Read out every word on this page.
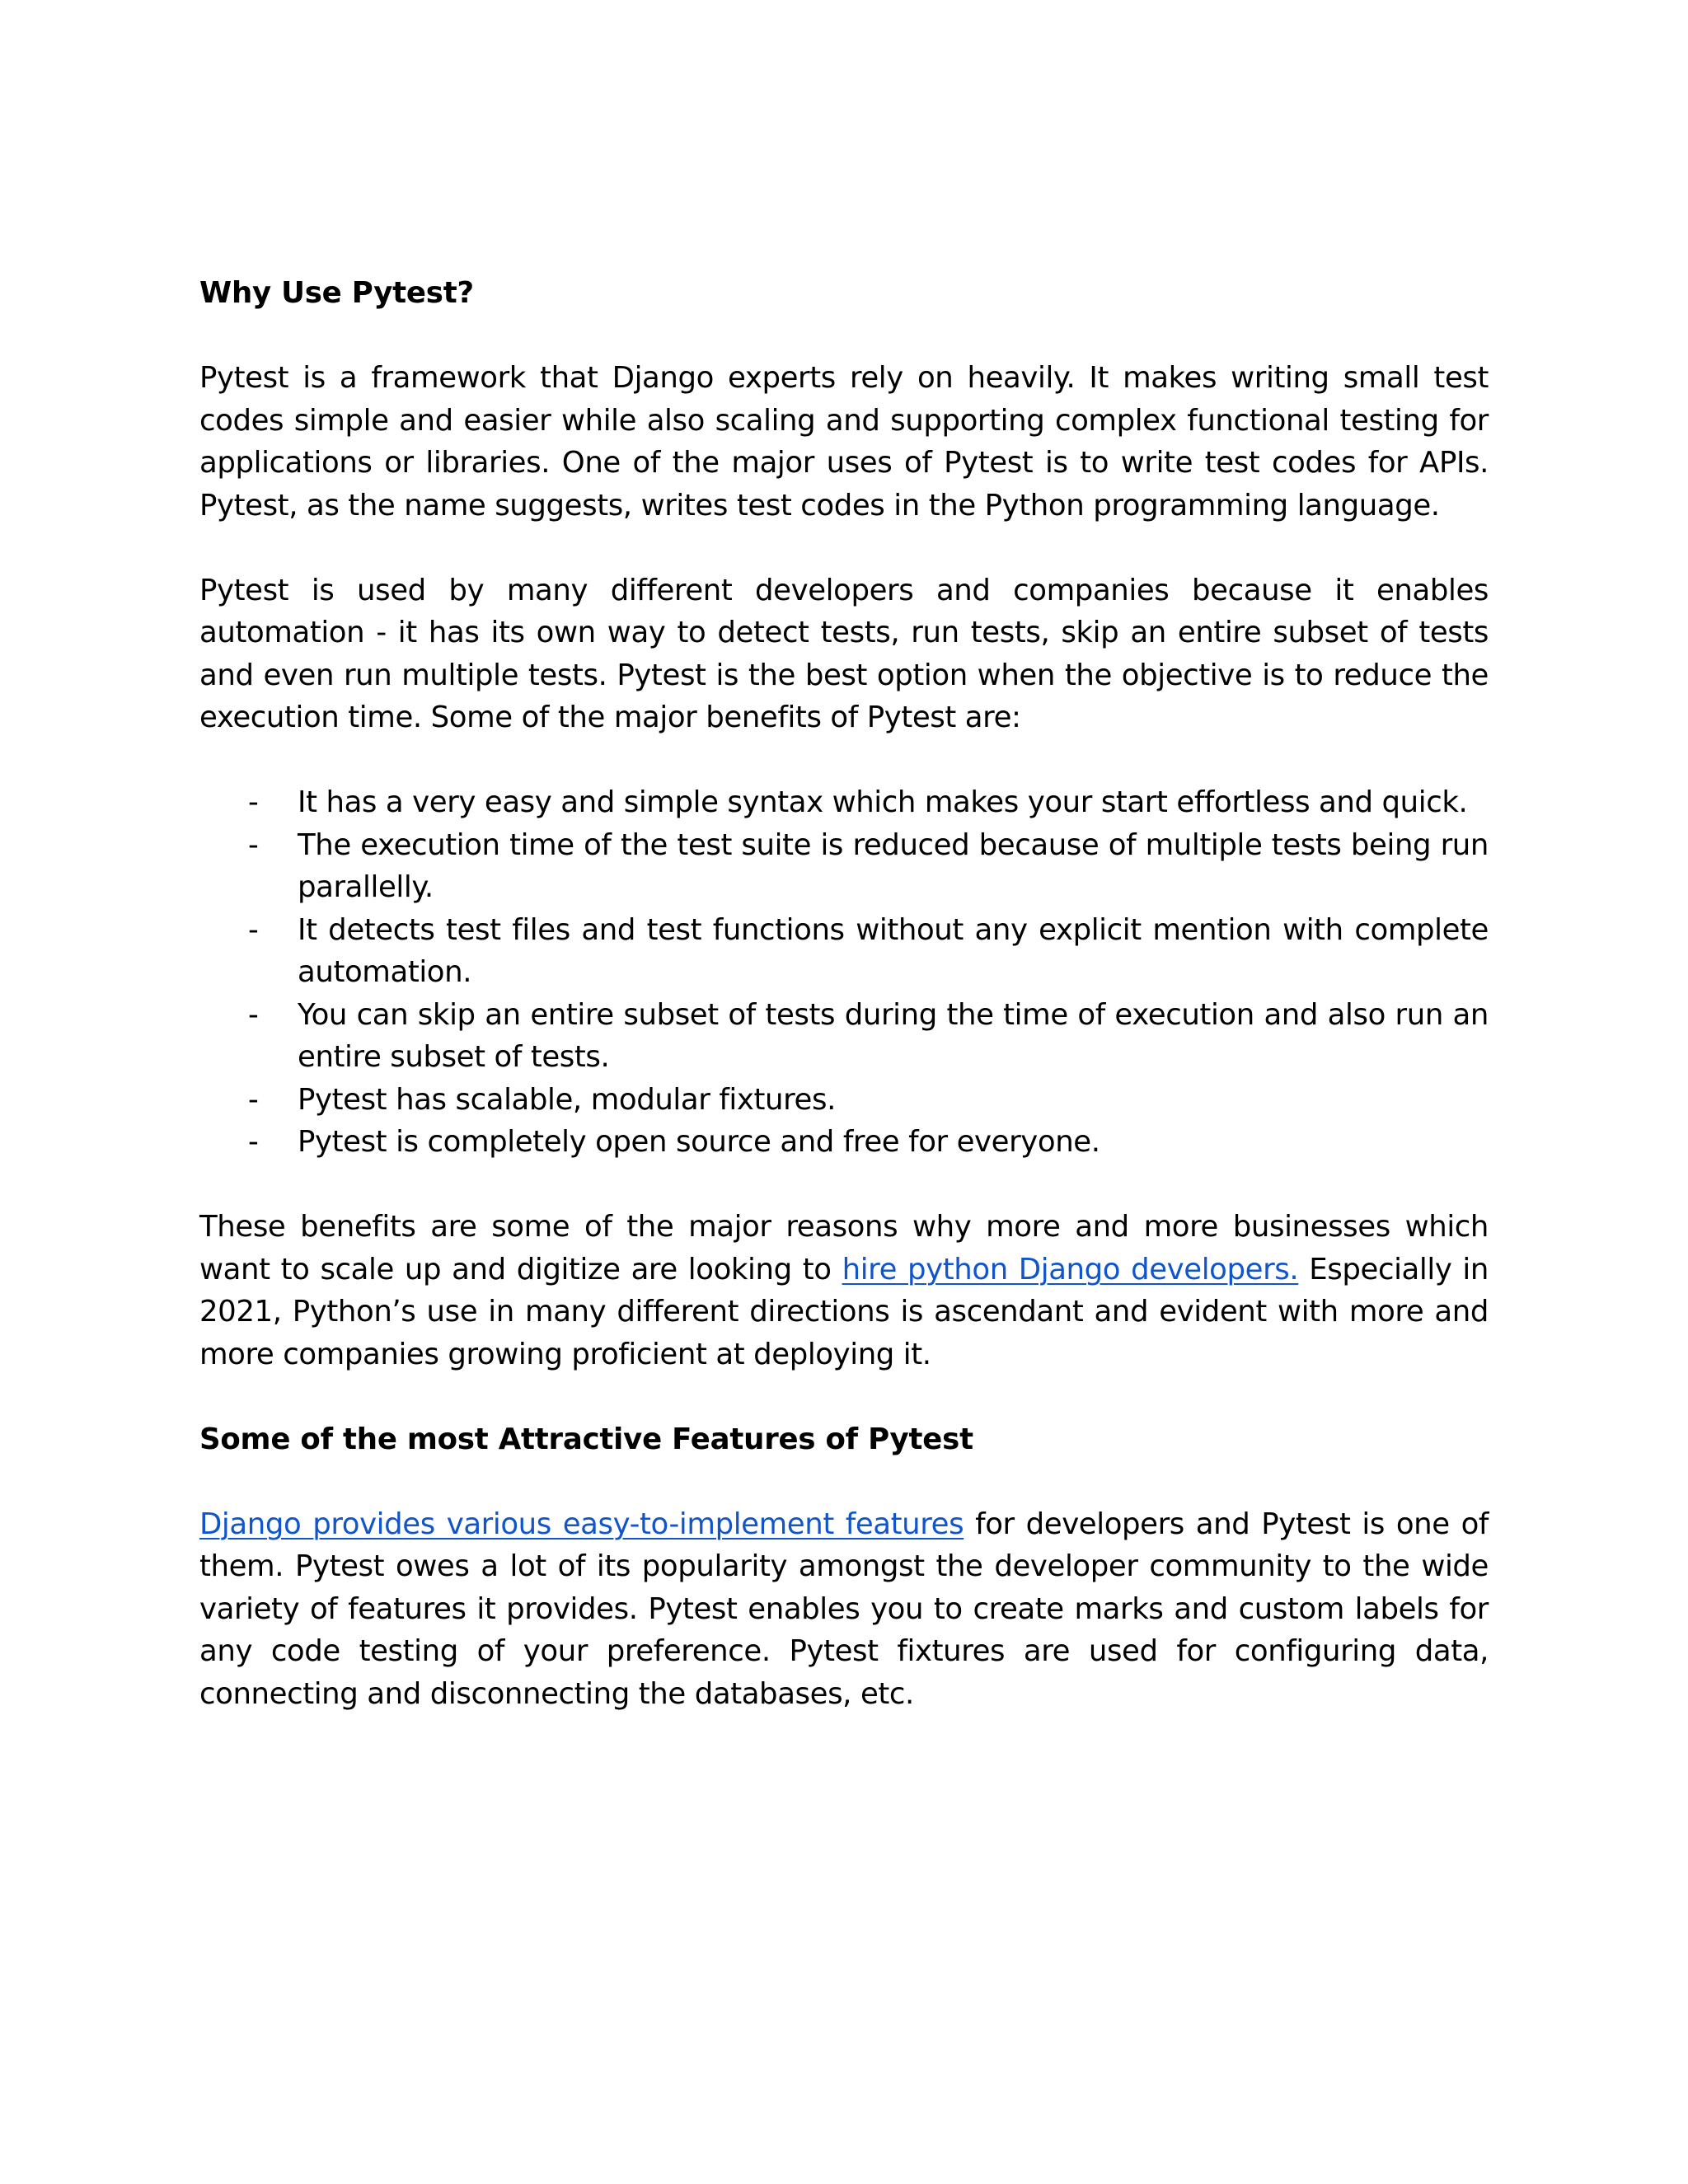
Why Use Pytest?

Pytest is a framework that Django experts rely on heavily. It makes writing small test codes simple and easier while also scaling and supporting complex functional testing for applications or libraries. One of the major uses of Pytest is to write test codes for APIs. Pytest, as the name suggests, writes test codes in the Python programming language.

Pytest is used by many different developers and companies because it enables automation - it has its own way to detect tests, run tests, skip an entire subset of tests and even run multiple tests. Pytest is the best option when the objective is to reduce the execution time. Some of the major benefits of Pytest are:

- It has a very easy and simple syntax which makes your start effortless and quick.
- The execution time of the test suite is reduced because of multiple tests being run parallelly.
- It detects test files and test functions without any explicit mention with complete automation.
- You can skip an entire subset of tests during the time of execution and also run an entire subset of tests.
- Pytest has scalable, modular fixtures.
- Pytest is completely open source and free for everyone.

These benefits are some of the major reasons why more and more businesses which want to scale up and digitize are looking to hire python Django developers. Especially in 2021, Python’s use in many different directions is ascendant and evident with more and more companies growing proficient at deploying it.

Some of the most Attractive Features of Pytest

Django provides various easy-to-implement features for developers and Pytest is one of them. Pytest owes a lot of its popularity amongst the developer community to the wide variety of features it provides. Pytest enables you to create marks and custom labels for any code testing of your preference. Pytest fixtures are used for configuring data, connecting and disconnecting the databases, etc.
